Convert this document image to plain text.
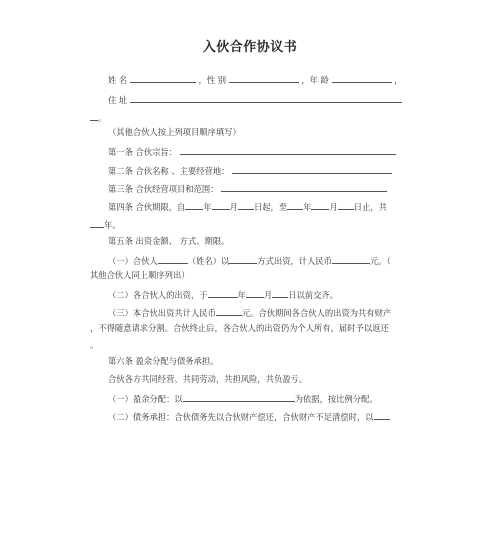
入伙合作协议书
姓 名	，性 别	，年 龄	，
住 址
。
（其他合伙人按上列项目顺序填写）
第一条 合伙宗旨：
第二条 合伙名称 、主要经营地：
第三条 合伙经营项目和范围：
第四条 合伙期限，自 年 月 日起，至 年 月 日止，共
年。
第五条 出资金额、 方式、期限。
（一）合伙人	（姓名）以	方式出资，计人民币	元。（
其他合伙人同上顺序列出）
（二）各合伙人的出资，于	年 月 日以前交齐。
（三）本合伙出资共计人民币	元。合伙期间各合伙人的出资为共有财产
，不得随意请求分割。合伙终止后，各合伙人的出资仍为个人所有，届时予以返还
。
第六条 盈余分配与债务承担。
合伙各方共同经营、共同劳动，共担风险，共负盈亏。
（一）盈余分配：以	为依据，按比例分配。
（二）债务承担：合伙债务先以合伙财产偿还，合伙财产不足清偿时，以
